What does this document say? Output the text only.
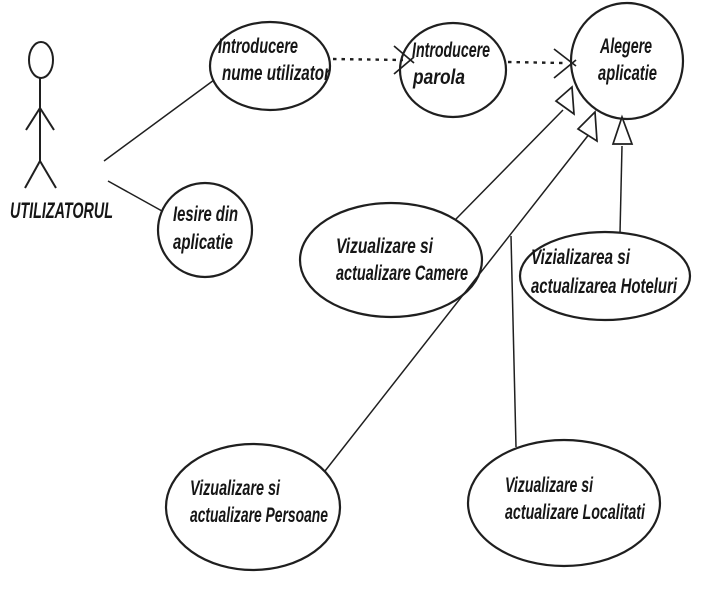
Introducere
nume utilizator
Introducere
parola
Alegere
aplicatie
Iesire din
aplicatie	Vizualizare si
actualizare Camere
Vizializarea si
actualizarea Hoteluri
Vizualizare si
actualizare Persoane
Vizualizare si
actualizare Localitati
UTILIZATORUL
